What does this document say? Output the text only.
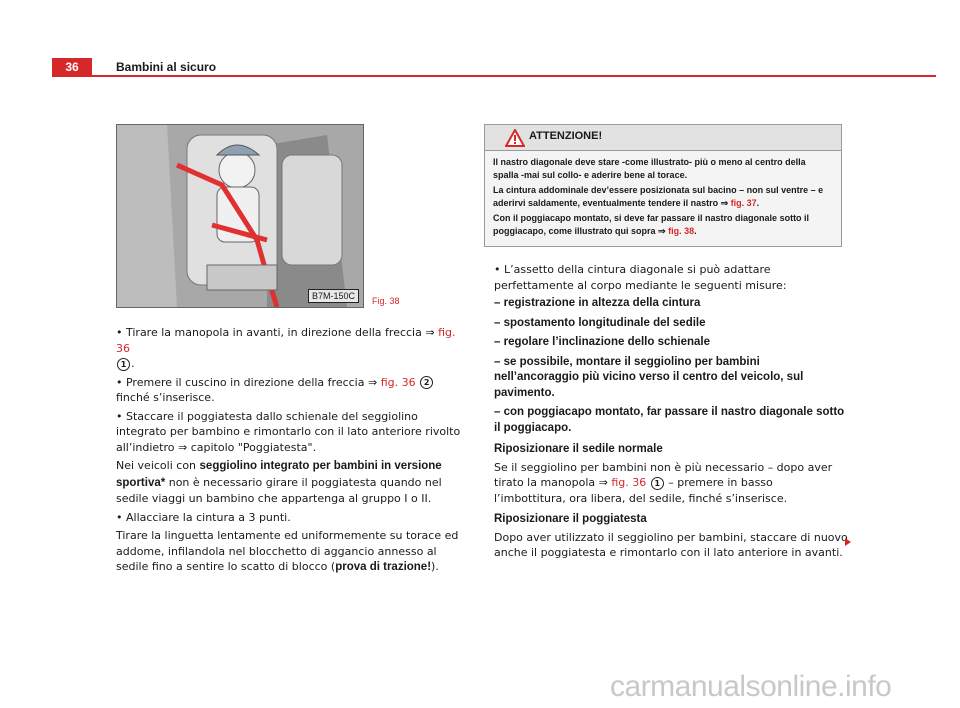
36	Bambini al sicuro
B7M-150C	Fig. 38
ATTENZIONE!

Il nastro diagonale deve stare -come illustrato- più o meno al centro della spalla -mai sul collo- e aderire bene al torace.

La cintura addominale dev’essere posizionata sul bacino – non sul ventre – e aderirvi saldamente, eventualmente tendere il nastro ⇒ fig. 37.

Con il poggiacapo montato, si deve far passare il nastro diagonale sotto il poggiacapo, come illustrato qui sopra ⇒ fig. 38.

• Tirare la manopola in avanti, in direzione della freccia ⇒ fig. 36
1 .

• Premere il cuscino in direzione della freccia ⇒ fig. 36 2 finché s’inserisce.

• Staccare il poggiatesta dallo schienale del seggiolino integrato per bambino e rimontarlo con il lato anteriore rivolto all’indietro ⇒ capitolo "Poggiatesta".

Nei veicoli con seggiolino integrato per bambini in versione sportiva* non è necessario girare il poggiatesta quando nel sedile viaggi un bambino che appartenga al gruppo I o II.

• Allacciare la cintura a 3 punti.

Tirare la linguetta lentamente ed uniformemente su torace ed addome, infilandola nel blocchetto di aggancio annesso al sedile fino a sentire lo scatto di blocco (prova di trazione!).

• L’assetto della cintura diagonale si può adattare perfettamente al corpo mediante le seguenti misure:

– registrazione in altezza della cintura
– spostamento longitudinale del sedile
– regolare l’inclinazione dello schienale
– se possibile, montare il seggiolino per bambini nell’ancoraggio più vicino verso il centro del veicolo, sul pavimento.
– con poggiacapo montato, far passare il nastro diagonale sotto il poggiacapo.
Riposizionare il sedile normale

Se il seggiolino per bambini non è più necessario – dopo aver tirato la manopola ⇒ fig. 36 1 – premere in basso l’imbottitura, ora libera, del sedile, finché s’inserisce.

Riposizionare il poggiatesta

Dopo aver utilizzato il seggiolino per bambini, staccare di nuovo anche il poggiatesta e rimontarlo con il lato anteriore in avanti.

carmanualsonline.info
